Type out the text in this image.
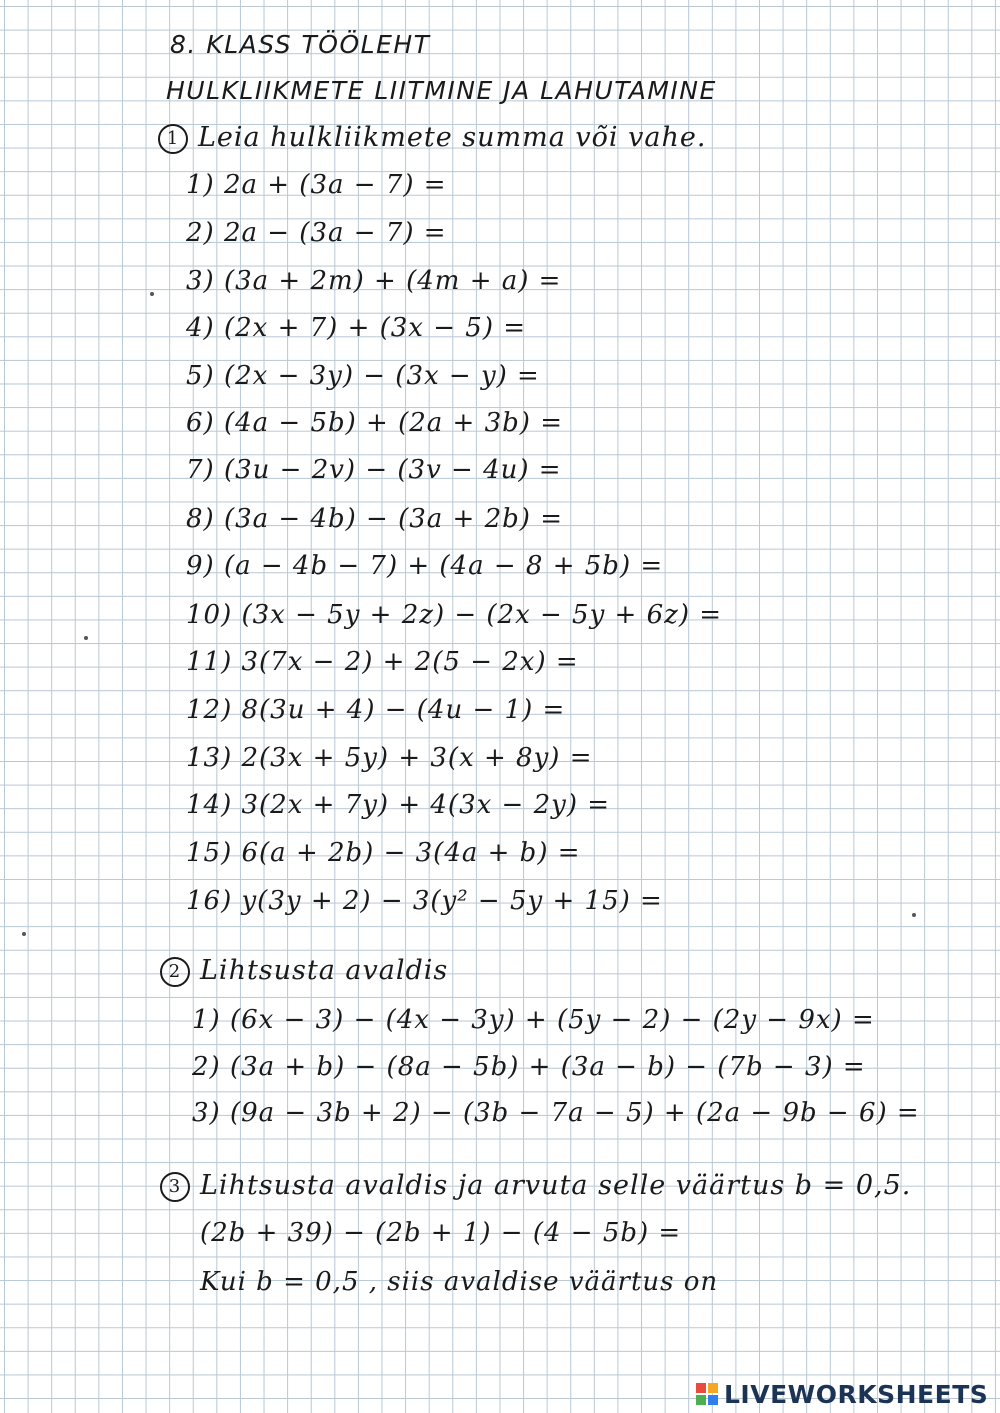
8. KLASS TÖÖLEHT
HULKLIIKMETE LIITMINE JA LAHUTAMINE
1 Leia hulkliikmete summa või vahe.
1) 2a + (3a − 7) =
2) 2a − (3a − 7) =
3) (3a + 2m) + (4m + a) =
4) (2x + 7) + (3x − 5) =
5) (2x − 3y) − (3x − y) =
6) (4a − 5b) + (2a + 3b) =
7) (3u − 2v) − (3v − 4u) =
8) (3a − 4b) − (3a + 2b) =
9) (a − 4b − 7) + (4a − 8 + 5b) =
10) (3x − 5y + 2z) − (2x − 5y + 6z) =
11) 3(7x − 2) + 2(5 − 2x) =
12) 8(3u + 4) − (4u − 1) =
13) 2(3x + 5y) + 3(x + 8y) =
14) 3(2x + 7y) + 4(3x − 2y) =
15) 6(a + 2b) − 3(4a + b) =
16) y(3y + 2) − 3(y² − 5y + 15) =
2 Lihtsusta avaldis
1) (6x − 3) − (4x − 3y) + (5y − 2) − (2y − 9x) =
2) (3a + b) − (8a − 5b) + (3a − b) − (7b − 3) =
3) (9a − 3b + 2) − (3b − 7a − 5) + (2a − 9b − 6) =
3 Lihtsusta avaldis ja arvuta selle väärtus b = 0,5.
(2b + 39) − (2b + 1) − (4 − 5b) =
Kui b = 0,5 , siis avaldise väärtus on
LIVEWORKSHEETS
